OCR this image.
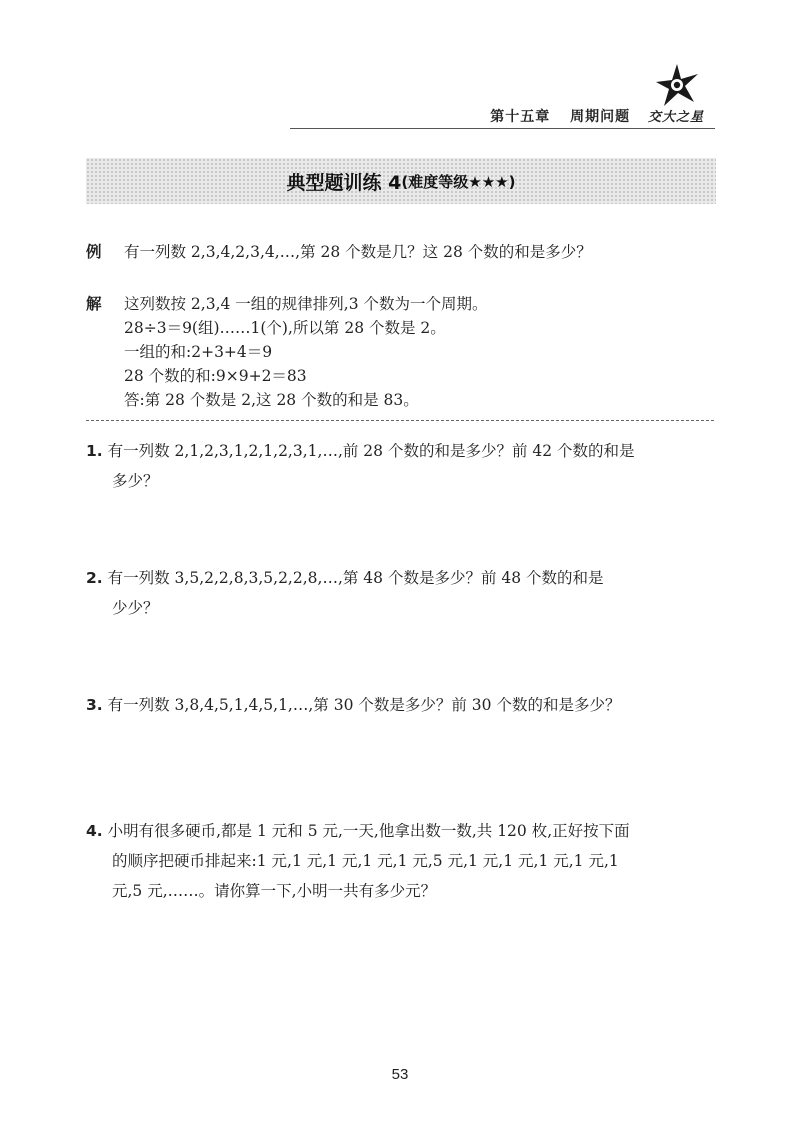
第十五章 周期问题 交大之星
典型题训练 4 (难度等级★★★)
例 有一列数 2,3,4,2,3,4,…,第 28 个数是几？这 28 个数的和是多少？
解 这列数按 2,3,4 一组的规律排列,3 个数为一个周期。
28÷3＝9(组)……1(个),所以第 28 个数是 2。
一组的和:2+3+4＝9
28 个数的和:9×9+2＝83
答:第 28 个数是 2,这 28 个数的和是 83。
1. 有一列数 2,1,2,3,1,2,1,2,3,1,…,前 28 个数的和是多少？前 42 个数的和是
多少？
2. 有一列数 3,5,2,2,8,3,5,2,2,8,…,第 48 个数是多少？前 48 个数的和是
少少？
3. 有一列数 3,8,4,5,1,4,5,1,…,第 30 个数是多少？前 30 个数的和是多少？
4. 小明有很多硬币,都是 1 元和 5 元,一天,他拿出数一数,共 120 枚,正好按下面
的顺序把硬币排起来:1 元,1 元,1 元,1 元,1 元,5 元,1 元,1 元,1 元,1 元,1
元,5 元,……。请你算一下,小明一共有多少元？
53
